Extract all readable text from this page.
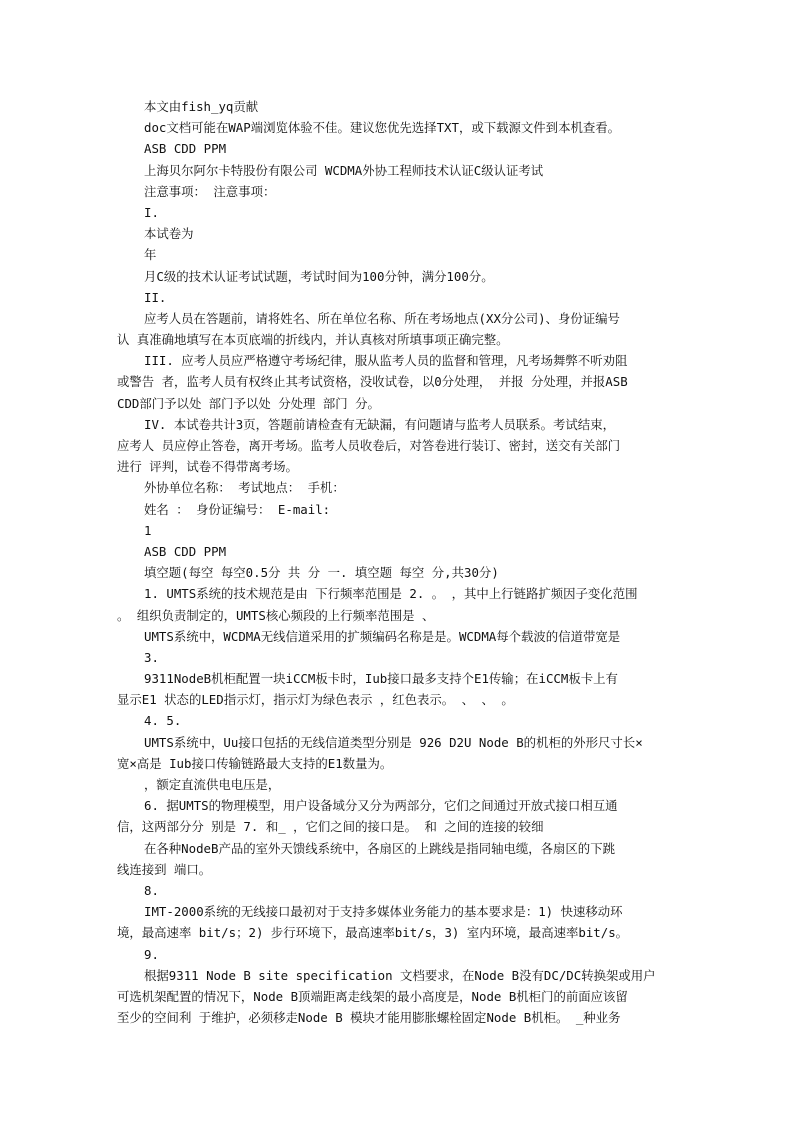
本文由fish_yq贡献
doc文档可能在WAP端浏览体验不佳。建议您优先选择TXT，或下载源文件到本机查看。
ASB CDD PPM
上海贝尔阿尔卡特股份有限公司 WCDMA外协工程师技术认证C级认证考试
注意事项： 注意事项：
I.
本试卷为
年
月C级的技术认证考试试题，考试时间为100分钟，满分100分。
II.
应考人员在答题前，请将姓名、所在单位名称、所在考场地点(XX分公司)、身份证编号
认 真准确地填写在本页底端的折线内，并认真核对所填事项正确完整。
III. 应考人员应严格遵守考场纪律，服从监考人员的监督和管理，凡考场舞弊不听劝阻
或警告 者，监考人员有权终止其考试资格，没收试卷，以0分处理， 并报 分处理，并报ASB
CDD部门予以处 部门予以处 分处理 部门 分。
IV. 本试卷共计3页，答题前请检查有无缺漏，有问题请与监考人员联系。考试结束，
应考人 员应停止答卷，离开考场。监考人员收卷后，对答卷进行装订、密封，送交有关部门
进行 评判，试卷不得带离考场。
外协单位名称： 考试地点： 手机：
姓名 ： 身份证编号： E-mail:
1
ASB CDD PPM
填空题(每空 每空0.5分 共 分 一. 填空题 每空 分,共30分)
1. UMTS系统的技术规范是由 下行频率范围是 2. 。 ，其中上行链路扩频因子变化范围
。 组织负责制定的，UMTS核心频段的上行频率范围是 、
UMTS系统中，WCDMA无线信道采用的扩频编码名称是是。WCDMA每个载波的信道带宽是
3.
9311NodeB机柜配置一块iCCM板卡时，Iub接口最多支持个E1传输；在iCCM板卡上有
显示E1 状态的LED指示灯，指示灯为绿色表示 ，红色表示。 、 、 。
4. 5.
UMTS系统中，Uu接口包括的无线信道类型分别是 926 D2U Node B的机柜的外形尺寸长×
宽×高是 Iub接口传输链路最大支持的E1数量为。
，额定直流供电电压是，
6. 据UMTS的物理模型，用户设备域分又分为两部分，它们之间通过开放式接口相互通
信，这两部分分 别是 7. 和_ ，它们之间的接口是。 和 之间的连接的较细
在各种NodeB产品的室外天馈线系统中，各扇区的上跳线是指同轴电缆，各扇区的下跳
线连接到 端口。
8.
IMT-2000系统的无线接口最初对于支持多媒体业务能力的基本要求是：1) 快速移动环
境，最高速率 bit/s；2) 步行环境下，最高速率bit/s，3) 室内环境，最高速率bit/s。
9.
根据9311 Node B site specification 文档要求，在Node B没有DC/DC转换架或用户
可选机架配置的情况下，Node B顶端距离走线架的最小高度是，Node B机柜门的前面应该留
至少的空间利 于维护，必须移走Node B 模块才能用膨胀螺栓固定Node B机柜。 _种业务
